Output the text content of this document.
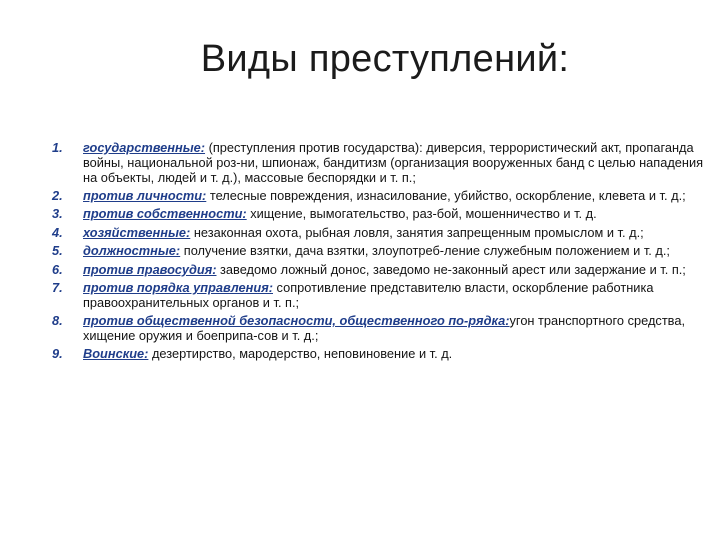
Виды преступлений:
1.	государственные: (преступления против государства): диверсия, террористический акт, пропаганда войны, национальной роз-ни, шпионаж, бандитизм (организация вооруженных банд с целью нападения на объекты, людей и т. д.), массовые беспорядки и т. п.;
2.	против личности: телесные повреждения, изнасилование, убийство, оскорбление, клевета и т. д.;
3.	против собственности: хищение, вымогательство, раз-бой, мошенничество и т. д.
4.	хозяйственные: незаконная охота, рыбная ловля, занятия запрещенным промыслом и т. д.;
5.	должностные: получение взятки, дача взятки, злоупотреб-ление служебным положением и т. д.;
6.	против правосудия: заведомо ложный донос, заведомо не-законный арест или задержание и т. п.;
7.	против порядка управления: сопротивление представителю власти, оскорбление работника правоохранительных органов и т. п.;
8.	против общественной безопасности, общественного по-рядка:угон транспортного средства, хищение оружия и боеприпа-сов и т. д.;
9.	Воинские: дезертирство, мародерство, неповиновение и т. д.
